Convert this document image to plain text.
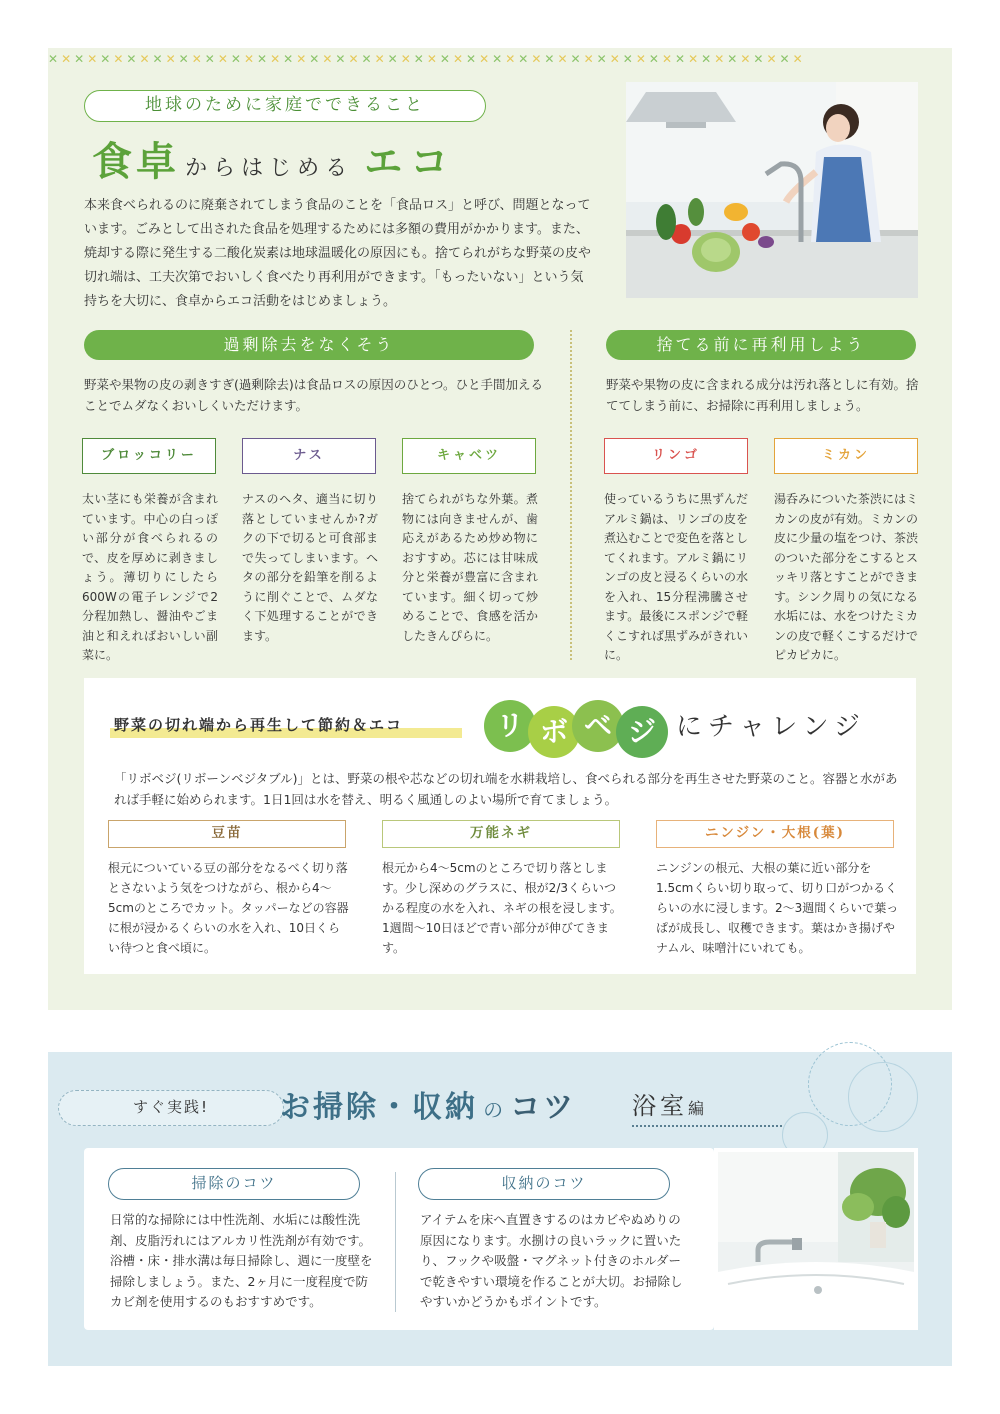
✕✕✕✕✕✕✕✕✕✕✕✕✕✕✕✕✕✕✕✕✕✕✕✕✕✕✕✕✕✕✕✕✕✕✕✕✕✕✕✕✕✕✕✕✕✕✕✕✕✕✕✕✕✕✕✕✕✕
地球のために家庭でできること
食卓 からはじめる エコ

本来食べられるのに廃棄されてしまう食品のことを「食品ロス」と呼び、問題となっています。ごみとして出された食品を処理するためには多額の費用がかかります。また、焼却する際に発生する二酸化炭素は地球温暖化の原因にも。捨てられがちな野菜の皮や切れ端は、工夫次第でおいしく食べたり再利用ができます。「もったいない」という気持ちを大切に、食卓からエコ活動をはじめましょう。

過剰除去をなくそう

野菜や果物の皮の剥きすぎ(過剰除去)は食品ロスの原因のひとつ。ひと手間加えることでムダなくおいしくいただけます。

ブロッコリー	ナス	キャベツ

太い茎にも栄養が含まれています。中心の白っぽい部分が食べられるので、皮を厚めに剥きましょう。薄切りにしたら600Wの電子レンジで2分程加熱し、醤油やごま油と和えればおいしい副菜に。

ナスのヘタ、適当に切り落としていませんか?ガクの下で切ると可食部まで失ってしまいます。ヘタの部分を鉛筆を削るように削ぐことで、ムダなく下処理することができます。

捨てられがちな外葉。煮物には向きませんが、歯応えがあるため炒め物におすすめ。芯には甘味成分と栄養が豊富に含まれています。細く切って炒めることで、食感を活かしたきんぴらに。

捨てる前に再利用しよう

野菜や果物の皮に含まれる成分は汚れ落としに有効。捨ててしまう前に、お掃除に再利用しましょう。

リンゴ	ミカン

使っているうちに黒ずんだアルミ鍋は、リンゴの皮を煮込むことで変色を落としてくれます。アルミ鍋にリンゴの皮と浸るくらいの水を入れ、15分程沸騰させます。最後にスポンジで軽くこすれば黒ずみがきれいに。

湯呑みについた茶渋にはミカンの皮が有効。ミカンの皮に少量の塩をつけ、茶渋のついた部分をこするとスッキリ落とすことができます。シンク周りの気になる水垢には、水をつけたミカンの皮で軽くこするだけでピカピカに。

野菜の切れ端から再生して節約＆エコ	リ ボ ベ ジ にチャレンジ

「リボベジ(リボーンベジタブル)」とは、野菜の根や芯などの切れ端を水耕栽培し、食べられる部分を再生させた野菜のこと。容器と水があれば手軽に始められます。1日1回は水を替え、明るく風通しのよい場所で育てましょう。

豆苗	万能ネギ	ニンジン・大根(葉)

根元についている豆の部分をなるべく切り落とさないよう気をつけながら、根から4〜5cmのところでカット。タッパーなどの容器に根が浸かるくらいの水を入れ、10日くらい待つと食べ頃に。

根元から4〜5cmのところで切り落とします。少し深めのグラスに、根が2/3くらいつかる程度の水を入れ、ネギの根を浸します。1週間〜10日ほどで青い部分が伸びてきます。

ニンジンの根元、大根の葉に近い部分を1.5cmくらい切り取って、切り口がつかるくらいの水に浸します。2〜3週間くらいで葉っぱが成長し、収穫できます。葉はかき揚げやナムル、味噌汁にいれても。

すぐ実践!	お掃除・収納 の コツ 浴室編
掃除のコツ

日常的な掃除には中性洗剤、水垢には酸性洗剤、皮脂汚れにはアルカリ性洗剤が有効です。浴槽・床・排水溝は毎日掃除し、週に一度壁を掃除しましょう。また、2ヶ月に一度程度で防カビ剤を使用するのもおすすめです。

収納のコツ

アイテムを床へ直置きするのはカビやぬめりの原因になります。水捌けの良いラックに置いたり、フックや吸盤・マグネット付きのホルダーで乾きやすい環境を作ることが大切。お掃除しやすいかどうかもポイントです。
